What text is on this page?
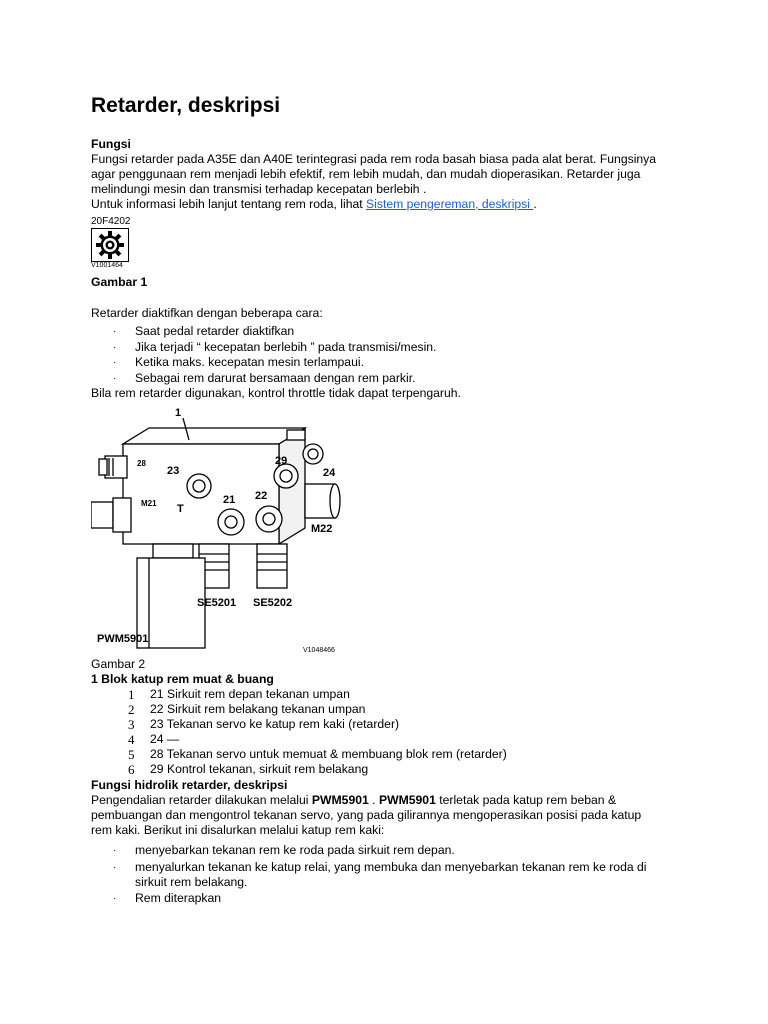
Retarder, deskripsi
Fungsi
Fungsi retarder pada A35E dan A40E terintegrasi pada rem roda basah biasa pada alat berat. Fungsinya
agar penggunaan rem menjadi lebih efektif, rem lebih mudah, dan mudah dioperasikan. Retarder juga
melindungi mesin dan transmisi terhadap kecepatan berlebih .
Untuk informasi lebih lanjut tentang rem roda, lihat Sistem pengereman, deskripsi .
20F4202
V1001464
Gambar 1
Retarder diaktifkan dengan beberapa cara:
· Saat pedal retarder diaktifkan
· Jika terjadi “ kecepatan berlebih ” pada transmisi/mesin.
· Ketika maks. kecepatan mesin terlampaui.
· Sebagai rem darurat bersamaan dengan rem parkir.
Bila rem retarder digunakan, kontrol throttle tidak dapat terpengaruh.
1
23
29
24
28
M21 T
21 22
M22
SE5201 SE5202
PWM5901
V1048466
Gambar 2
1 Blok katup rem muat & buang
1 21 Sirkuit rem depan tekanan umpan
2 22 Sirkuit rem belakang tekanan umpan
3 23 Tekanan servo ke katup rem kaki (retarder)
4 24 —
5 28 Tekanan servo untuk memuat & membuang blok rem (retarder)
6 29 Kontrol tekanan, sirkuit rem belakang
Fungsi hidrolik retarder, deskripsi
Pengendalian retarder dilakukan melalui PWM5901 . PWM5901 terletak pada katup rem beban &
pembuangan dan mengontrol tekanan servo, yang pada gilirannya mengoperasikan posisi pada katup
rem kaki. Berikut ini disalurkan melalui katup rem kaki:
· menyebarkan tekanan rem ke roda pada sirkuit rem depan.
· menyalurkan tekanan ke katup relai, yang membuka dan menyebarkan tekanan rem ke roda di
sirkuit rem belakang.
· Rem diterapkan
